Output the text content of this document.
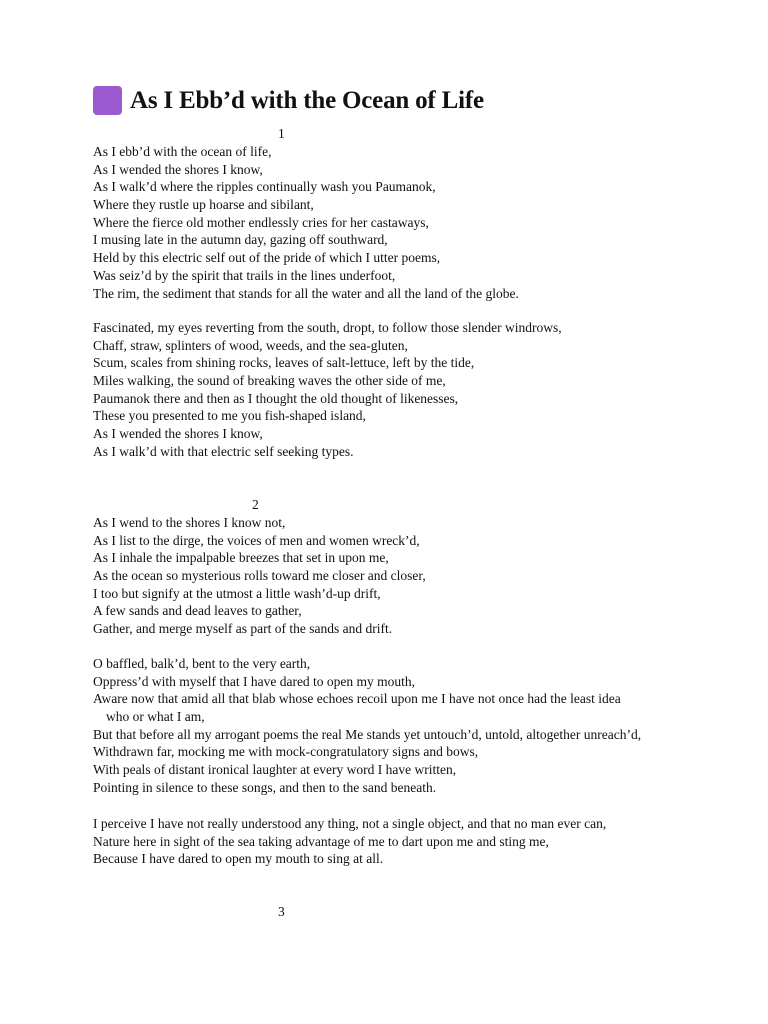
As I Ebb’d with the Ocean of Life
1
As I ebb’d with the ocean of life,
As I wended the shores I know,
As I walk’d where the ripples continually wash you Paumanok,
Where they rustle up hoarse and sibilant,
Where the fierce old mother endlessly cries for her castaways,
I musing late in the autumn day, gazing off southward,
Held by this electric self out of the pride of which I utter poems,
Was seiz’d by the spirit that trails in the lines underfoot,
The rim, the sediment that stands for all the water and all the land of the globe.
Fascinated, my eyes reverting from the south, dropt, to follow those slender windrows,
Chaff, straw, splinters of wood, weeds, and the sea-gluten,
Scum, scales from shining rocks, leaves of salt-lettuce, left by the tide,
Miles walking, the sound of breaking waves the other side of me,
Paumanok there and then as I thought the old thought of likenesses,
These you presented to me you fish-shaped island,
As I wended the shores I know,
As I walk’d with that electric self seeking types.
2
As I wend to the shores I know not,
As I list to the dirge, the voices of men and women wreck’d,
As I inhale the impalpable breezes that set in upon me,
As the ocean so mysterious rolls toward me closer and closer,
I too but signify at the utmost a little wash’d-up drift,
A few sands and dead leaves to gather,
Gather, and merge myself as part of the sands and drift.
O baffled, balk’d, bent to the very earth,
Oppress’d with myself that I have dared to open my mouth,
Aware now that amid all that blab whose echoes recoil upon me I have not once had the least idea
who or what I am,
But that before all my arrogant poems the real Me stands yet untouch’d, untold, altogether unreach’d,
Withdrawn far, mocking me with mock-congratulatory signs and bows,
With peals of distant ironical laughter at every word I have written,
Pointing in silence to these songs, and then to the sand beneath.
I perceive I have not really understood any thing, not a single object, and that no man ever can,
Nature here in sight of the sea taking advantage of me to dart upon me and sting me,
Because I have dared to open my mouth to sing at all.
3
